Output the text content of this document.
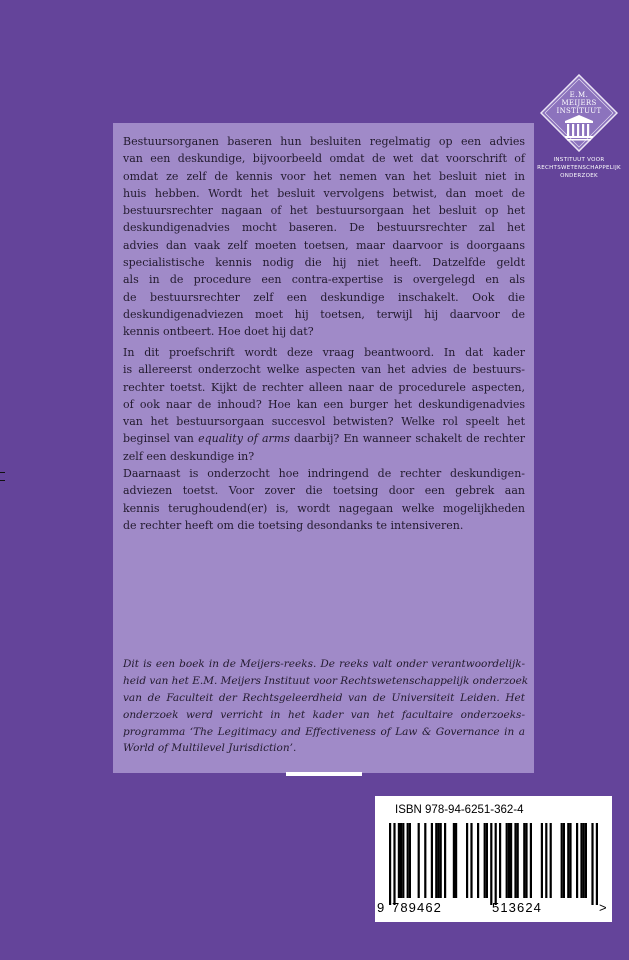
E.M.
MEIJERS
INSTITUUT
INSTITUUT VOOR
RECHTSWETENSCHAPPELIJK
ONDERZOEK
Bestuursorganen baseren hun besluiten regelmatig op een advies
van een deskundige, bijvoorbeeld omdat de wet dat voorschrift of
omdat ze zelf de kennis voor het nemen van het besluit niet in
huis hebben. Wordt het besluit vervolgens betwist, dan moet de
bestuursrechter nagaan of het bestuursorgaan het besluit op het
deskundigenadvies mocht baseren. De bestuursrechter zal het
advies dan vaak zelf moeten toetsen, maar daarvoor is doorgaans
specialistische kennis nodig die hij niet heeft. Datzelfde geldt
als in de procedure een contra-expertise is overgelegd en als
de bestuursrechter zelf een deskundige inschakelt. Ook die
deskundigenadviezen moet hij toetsen, terwijl hij daarvoor de
kennis ontbeert. Hoe doet hij dat?
In dit proefschrift wordt deze vraag beantwoord. In dat kader
is allereerst onderzocht welke aspecten van het advies de bestuurs-
rechter toetst. Kijkt de rechter alleen naar de procedurele aspecten,
of ook naar de inhoud? Hoe kan een burger het deskundigenadvies
van het bestuursorgaan succesvol betwisten? Welke rol speelt het
beginsel van equality of arms daarbij? En wanneer schakelt de rechter
zelf een deskundige in?
Daarnaast is onderzocht hoe indringend de rechter deskundigen-
adviezen toetst. Voor zover die toetsing door een gebrek aan
kennis terughoudend(er) is, wordt nagegaan welke mogelijkheden
de rechter heeft om die toetsing desondanks te intensiveren.
Dit is een boek in de Meijers-reeks. De reeks valt onder verantwoordelijk-
heid van het E.M. Meijers Instituut voor Rechtswetenschappelijk onderzoek
van de Faculteit der Rechtsgeleerdheid van de Universiteit Leiden. Het
onderzoek werd verricht in het kader van het facultaire onderzoeks-
programma ‘The Legitimacy and Effectiveness of Law & Governance in a
World of Multilevel Jurisdiction’.
ISBN 978-94-6251-362-4
9 789462	513624	>
